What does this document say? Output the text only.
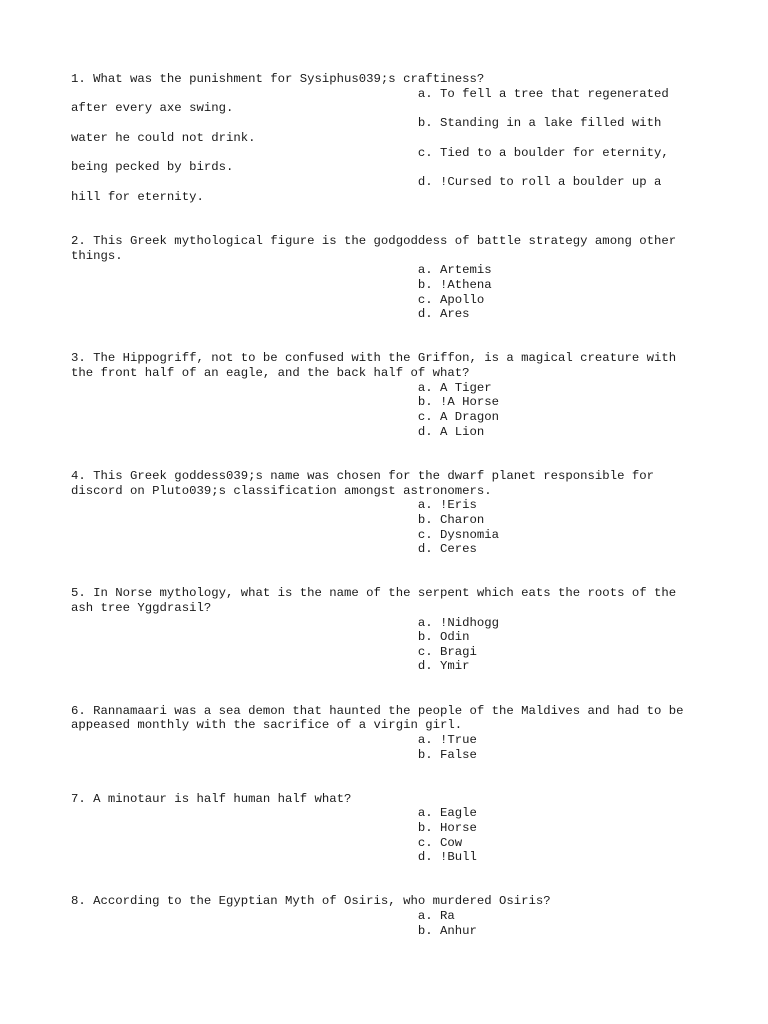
1. What was the punishment for Sysiphus039;s craftiness?
a. To fell a tree that regenerated
after every axe swing.
b. Standing in a lake filled with
water he could not drink.
c. Tied to a boulder for eternity,
being pecked by birds.
d. !Cursed to roll a boulder up a
hill for eternity.
2. This Greek mythological figure is the godgoddess of battle strategy among other
things.
a. Artemis
b. !Athena
c. Apollo
d. Ares
3. The Hippogriff, not to be confused with the Griffon, is a magical creature with
the front half of an eagle, and the back half of what?
a. A Tiger
b. !A Horse
c. A Dragon
d. A Lion
4. This Greek goddess039;s name was chosen for the dwarf planet responsible for
discord on Pluto039;s classification amongst astronomers.
a. !Eris
b. Charon
c. Dysnomia
d. Ceres
5. In Norse mythology, what is the name of the serpent which eats the roots of the
ash tree Yggdrasil?
a. !Nidhogg
b. Odin
c. Bragi
d. Ymir
6. Rannamaari was a sea demon that haunted the people of the Maldives and had to be
appeased monthly with the sacrifice of a virgin girl.
a. !True
b. False
7. A minotaur is half human half what?
a. Eagle
b. Horse
c. Cow
d. !Bull
8. According to the Egyptian Myth of Osiris, who murdered Osiris?
a. Ra
b. Anhur
